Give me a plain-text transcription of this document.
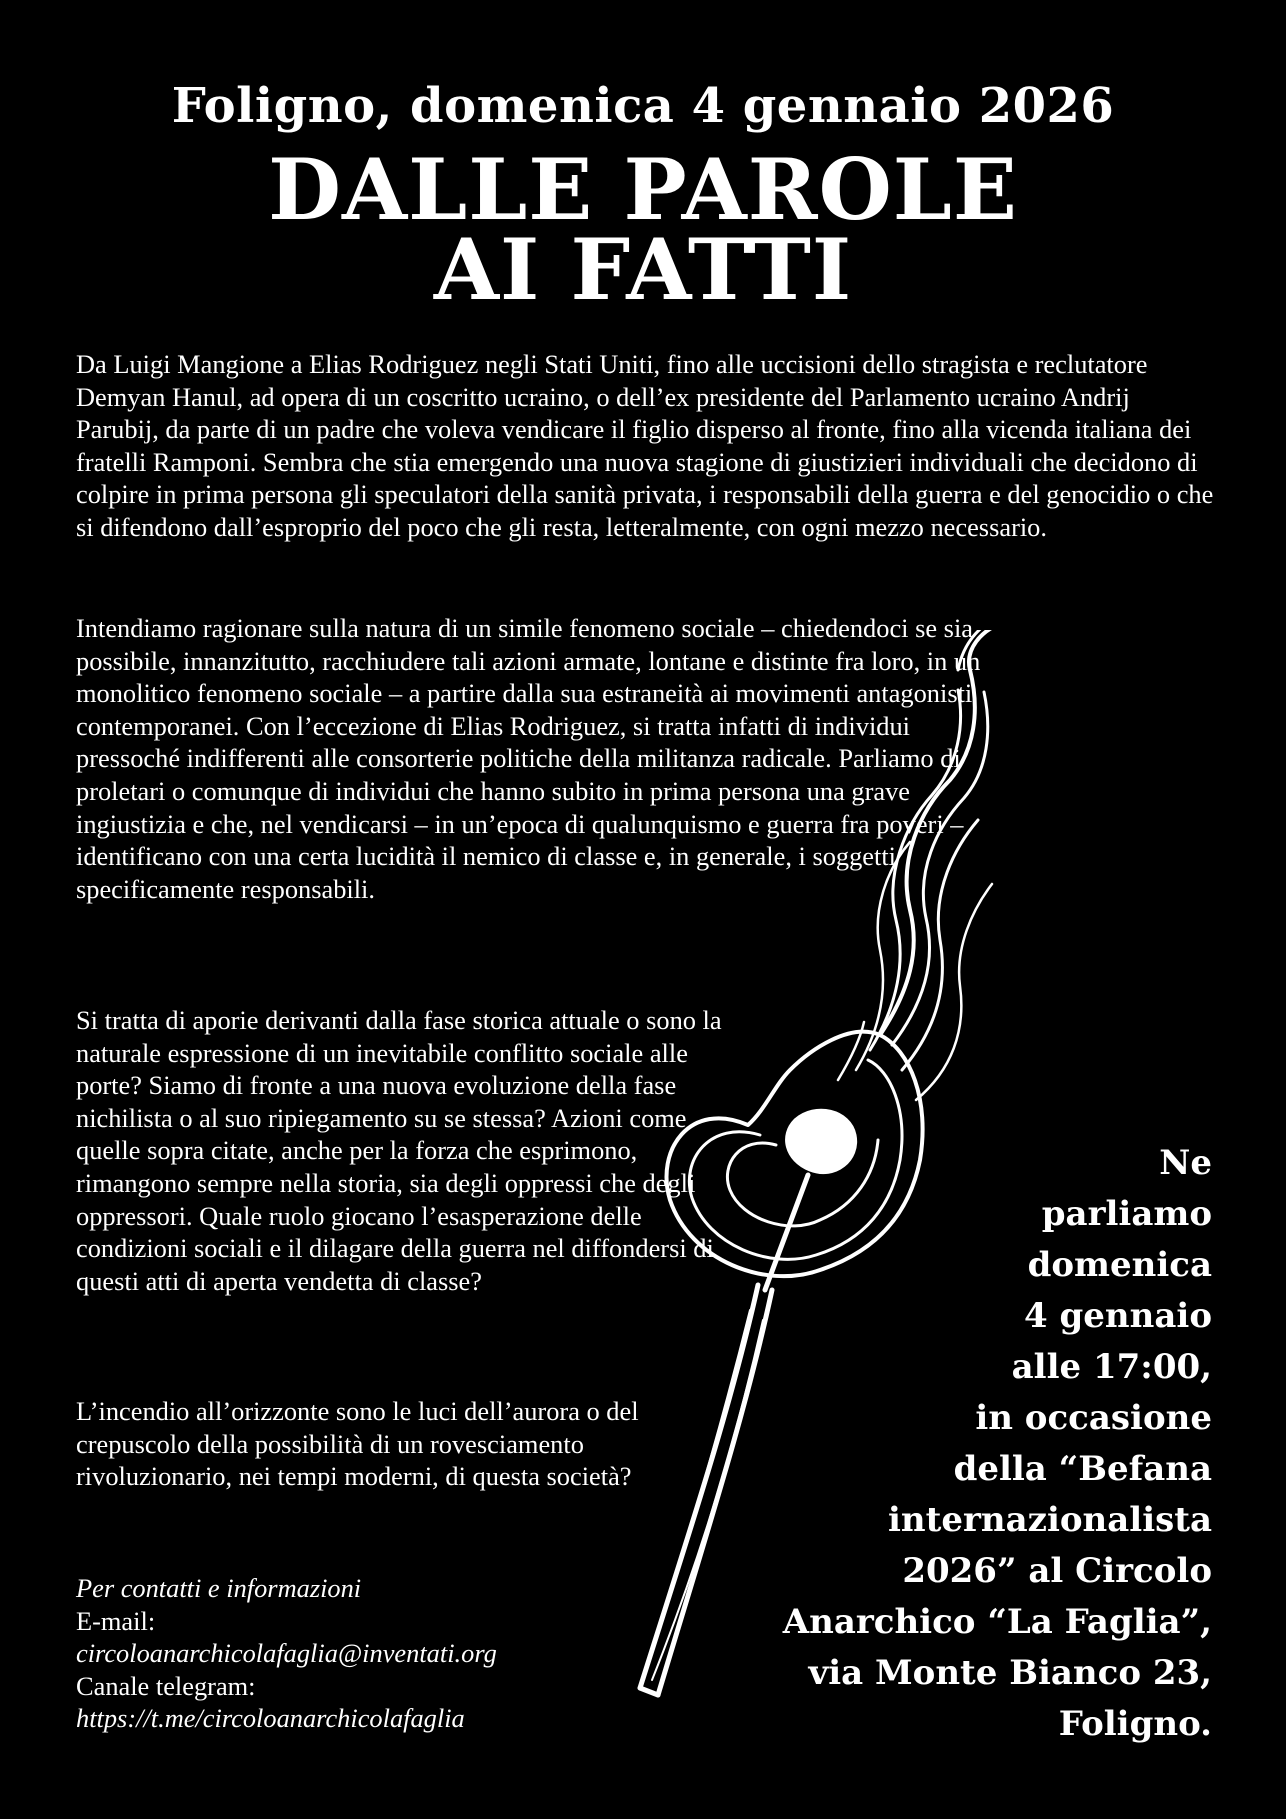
Foligno, domenica 4 gennaio 2026
DALLE PAROLE
AI FATTI

Da Luigi Mangione a Elias Rodriguez negli Stati Uniti, fino alle uccisioni dello stragista e reclutatore Demyan Hanul, ad opera di un coscritto ucraino, o dell’ex presidente del Parlamento ucraino Andrij Parubij, da parte di un padre che voleva vendicare il figlio disperso al fronte, fino alla vicenda italiana dei fratelli Ramponi. Sembra che stia emergendo una nuova stagione di giustizieri individuali che decidono di colpire in prima persona gli speculatori della sanità privata, i responsabili della guerra e del genocidio o che si difendono dall’esproprio del poco che gli resta, letteralmente, con ogni mezzo necessario.

Intendiamo ragionare sulla natura di un simile fenomeno sociale – chiedendoci se sia possibile, innanzitutto, racchiudere tali azioni armate, lontane e distinte fra loro, in un monolitico fenomeno sociale – a partire dalla sua estraneità ai movimenti antagonisti contemporanei. Con l’eccezione di Elias Rodriguez, si tratta infatti di individui pressoché indifferenti alle consorterie politiche della militanza radicale. Parliamo di proletari o comunque di individui che hanno subito in prima persona una grave ingiustizia e che, nel vendicarsi – in un’epoca di qualunquismo e guerra fra poveri – identificano con una certa lucidità il nemico di classe e, in generale, i soggetti specificamente responsabili.

Si tratta di aporie derivanti dalla fase storica attuale o sono la naturale espressione di un inevitabile conflitto sociale alle porte? Siamo di fronte a una nuova evoluzione della fase nichilista o al suo ripiegamento su se stessa? Azioni come quelle sopra citate, anche per la forza che esprimono, rimangono sempre nella storia, sia degli oppressi che degli oppressori. Quale ruolo giocano l’esasperazione delle condizioni sociali e il dilagare della guerra nel diffondersi di questi atti di aperta vendetta di classe?

L’incendio all’orizzonte sono le luci dell’aurora o del crepuscolo della possibilità di un rovesciamento rivoluzionario, nei tempi moderni, di questa società?

Per contatti e informazioni
E-mail:
circoloanarchicolafaglia@inventati.org
Canale telegram:
https://t.me/circoloanarchicolafaglia
Ne
parliamo
domenica
4 gennaio
alle 17:00,
in occasione
della “Befana
internazionalista
2026” al Circolo
Anarchico “La Faglia”,
via Monte Bianco 23,
Foligno.
